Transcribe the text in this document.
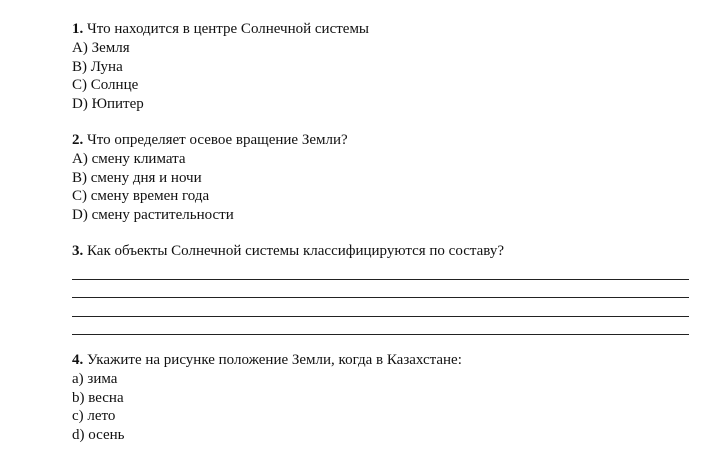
1. Что находится в центре Солнечной системы
A) Земля
B) Луна
C) Солнце
D) Юпитер
2. Что определяет осевое вращение Земли?
A) смену климата
B) смену дня и ночи
C) смену времен года
D) смену растительности
3. Как объекты Солнечной системы классифицируются по составу?
4. Укажите на рисунке положение Земли, когда в Казахстане:
a) зима
b) весна
c) лето
d) осень
